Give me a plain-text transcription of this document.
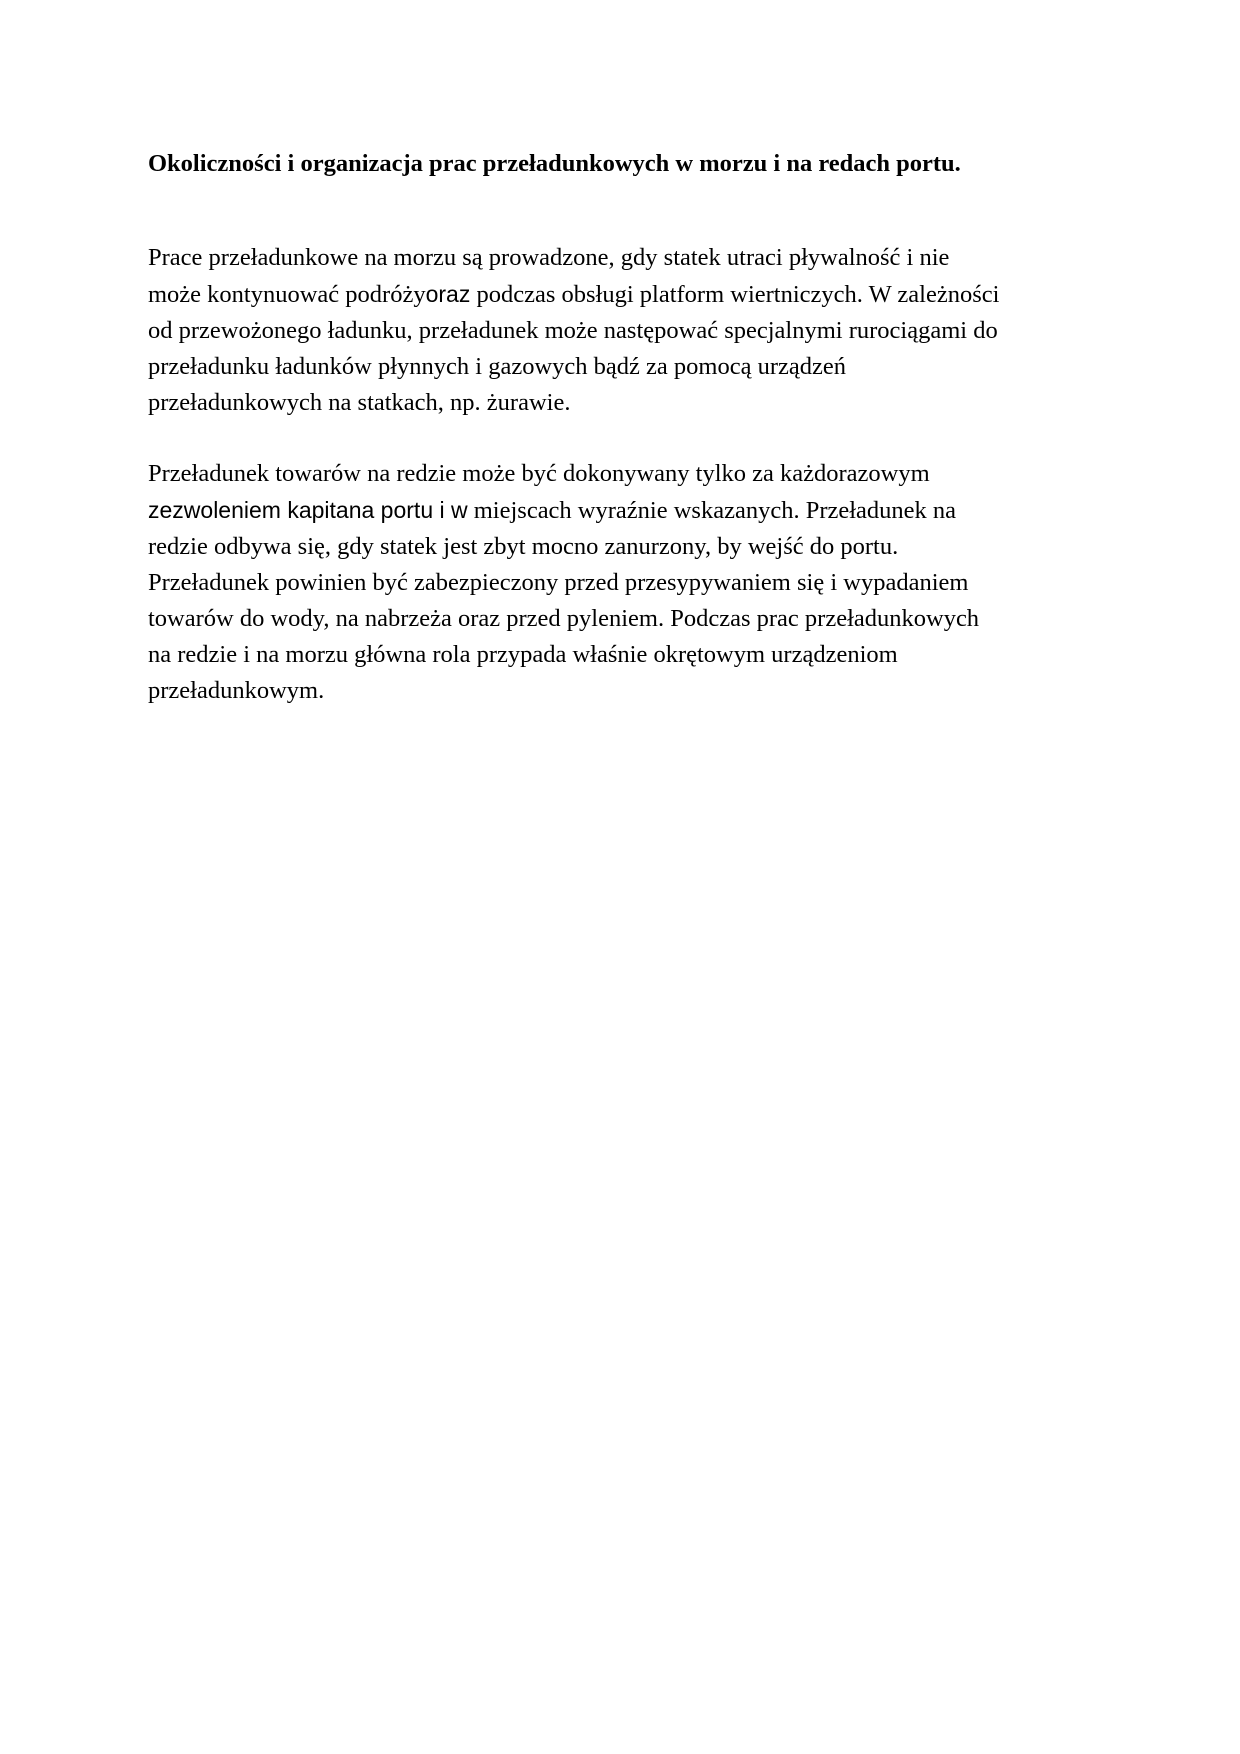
Okoliczności i organizacja prac przeładunkowych w morzu i na redach portu.
Prace przeładunkowe na morzu są prowadzone, gdy statek utraci pływalność i nie
może kontynuować podróżyoraz podczas obsługi platform wiertniczych. W zależności
od przewożonego ładunku, przeładunek może następować specjalnymi rurociągami do
przeładunku ładunków płynnych i gazowych bądź za pomocą urządzeń
przeładunkowych na statkach, np. żurawie.
Przeładunek towarów na redzie może być dokonywany tylko za każdorazowym
zezwoleniem kapitana portu i w miejscach wyraźnie wskazanych. Przeładunek na
redzie odbywa się, gdy statek jest zbyt mocno zanurzony, by wejść do portu.
Przeładunek powinien być zabezpieczony przed przesypywaniem się i wypadaniem
towarów do wody, na nabrzeża oraz przed pyleniem. Podczas prac przeładunkowych
na redzie i na morzu główna rola przypada właśnie okrętowym urządzeniom
przeładunkowym.
